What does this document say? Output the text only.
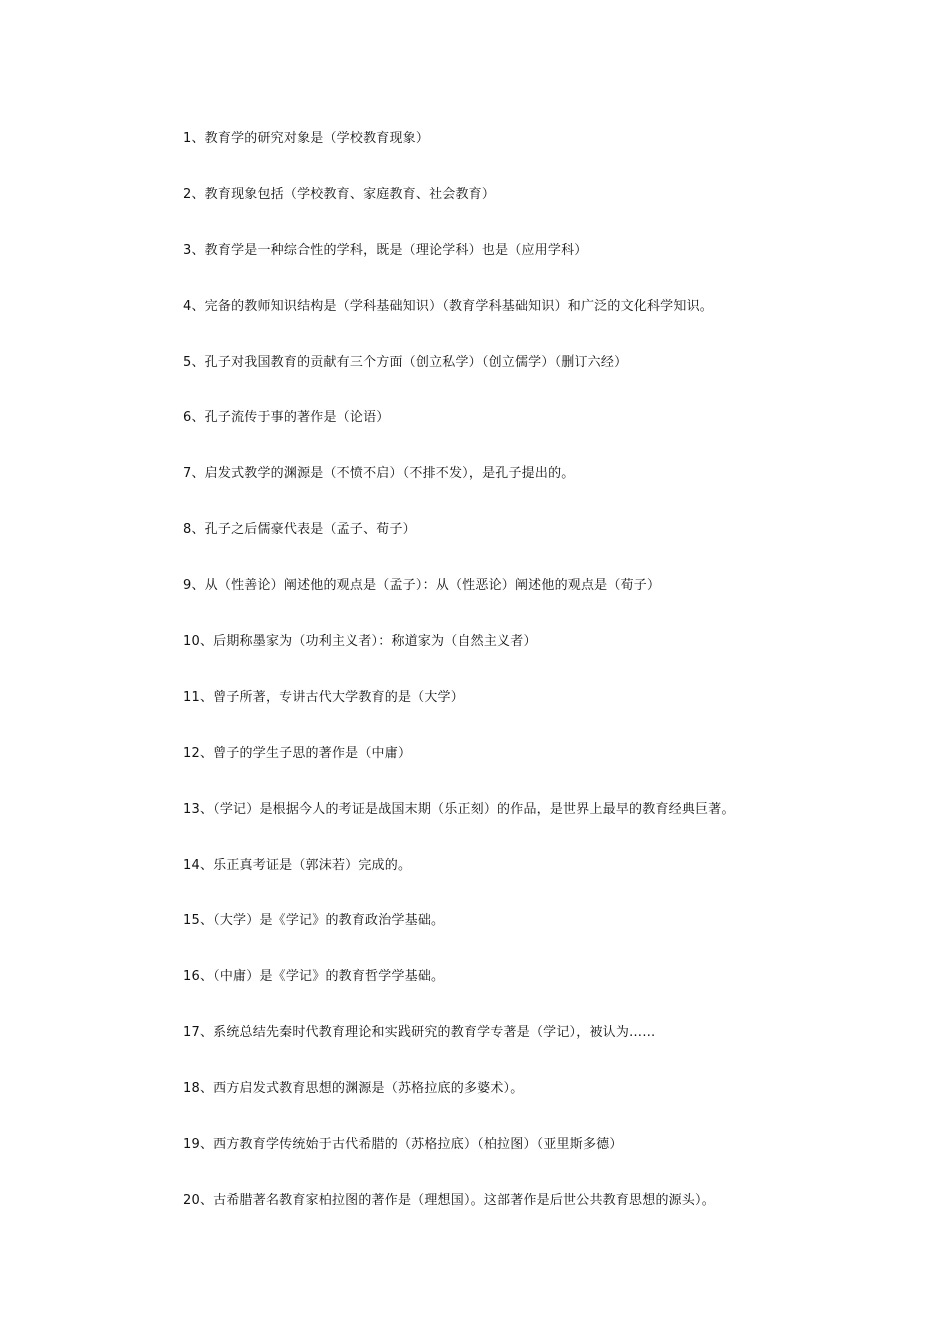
1、教育学的研究对象是（学校教育现象）
2、教育现象包括（学校教育、家庭教育、社会教育）
3、教育学是一种综合性的学科，既是（理论学科）也是（应用学科）
4、完备的教师知识结构是（学科基础知识）（教育学科基础知识）和广泛的文化科学知识。
5、孔子对我国教育的贡献有三个方面（创立私学）（创立儒学）（删订六经）
6、孔子流传于事的著作是（论语）
7、启发式教学的渊源是（不愤不启）（不排不发），是孔子提出的。
8、孔子之后儒豪代表是（孟子、荀子）
9、从（性善论）阐述他的观点是（孟子）：从（性恶论）阐述他的观点是（荀子）
10、后期称墨家为（功利主义者）：称道家为（自然主义者）
11、曾子所著，专讲古代大学教育的是（大学）
12、曾子的学生子思的著作是（中庸）
13、（学记）是根据今人的考证是战国末期（乐正刻）的作品，是世界上最早的教育经典巨著。
14、乐正真考证是（郭沫若）完成的。
15、（大学）是《学记》的教育政治学基础。
16、（中庸）是《学记》的教育哲学学基础。
17、系统总结先秦时代教育理论和实践研究的教育学专著是（学记），被认为……
18、西方启发式教育思想的渊源是（苏格拉底的多婆术）。
19、西方教育学传统始于古代希腊的（苏格拉底）（柏拉图）（亚里斯多德）
20、古希腊著名教育家柏拉图的著作是（理想国）。这部著作是后世公共教育思想的源头）。
